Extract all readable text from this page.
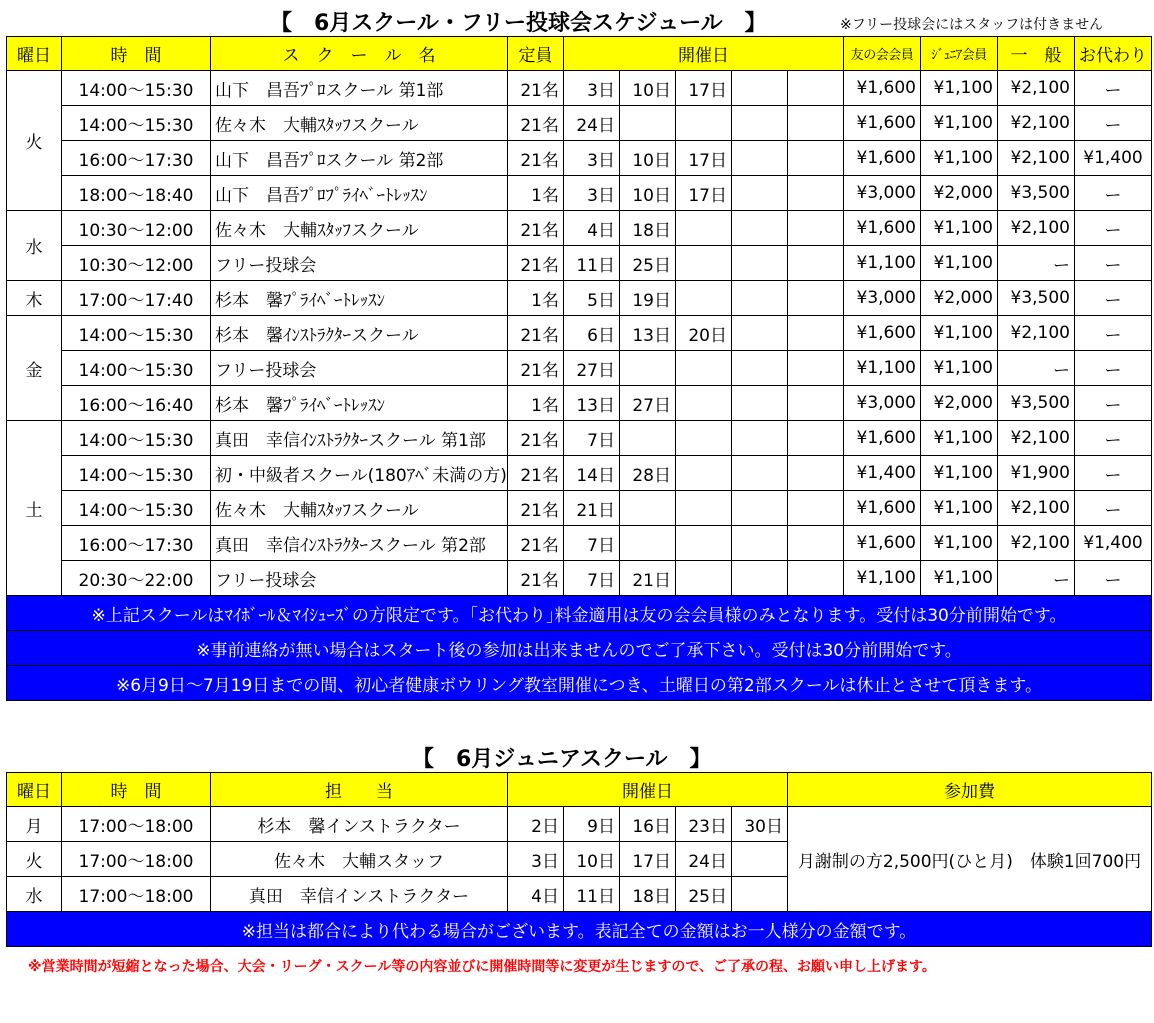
【　6月スクール・フリー投球会スケジュール　】	※フリー投球会にはスタッフは付きません
曜日	時　間	ス　ク　ー　ル　名	定員	開催日					友の会会員	ｼﾞｭﾆｱ会員	一　般	お代わり
火	14:00～15:30	山下　昌吾ﾌﾟﾛスクール 第1部	21名	3日	10日	17日			¥1,600	¥1,100	¥2,100	ー
	14:00～15:30	佐々木　大輔ｽﾀｯﾌスクール	21名	24日					¥1,600	¥1,100	¥2,100	ー
	16:00～17:30	山下　昌吾ﾌﾟﾛスクール 第2部	21名	3日	10日	17日			¥1,600	¥1,100	¥2,100	¥1,400
	18:00～18:40	山下　昌吾ﾌﾟﾛﾌﾟﾗｲﾍﾞｰﾄﾚｯｽﾝ	1名	3日	10日	17日			¥3,000	¥2,000	¥3,500	ー
水	10:30～12:00	佐々木　大輔ｽﾀｯﾌスクール	21名	4日	18日				¥1,600	¥1,100	¥2,100	ー
	10:30～12:00	フリー投球会	21名	11日	25日				¥1,100	¥1,100	ー	ー
木	17:00～17:40	杉本　馨ﾌﾟﾗｲﾍﾞｰﾄﾚｯｽﾝ	1名	5日	19日				¥3,000	¥2,000	¥3,500	ー
金	14:00～15:30	杉本　馨ｲﾝｽﾄﾗｸﾀｰスクール	21名	6日	13日	20日			¥1,600	¥1,100	¥2,100	ー
	14:00～15:30	フリー投球会	21名	27日					¥1,100	¥1,100	ー	ー
	16:00～16:40	杉本　馨ﾌﾟﾗｲﾍﾞｰﾄﾚｯｽﾝ	1名	13日	27日				¥3,000	¥2,000	¥3,500	ー
土	14:00～15:30	真田　幸信ｲﾝｽﾄﾗｸﾀｰスクール 第1部	21名	7日					¥1,600	¥1,100	¥2,100	ー
	14:00～15:30	初・中級者スクール(180ｱﾍﾞ未満の方)	21名	14日	28日				¥1,400	¥1,100	¥1,900	ー
	14:00～15:30	佐々木　大輔ｽﾀｯﾌスクール	21名	21日					¥1,600	¥1,100	¥2,100	ー
	16:00～17:30	真田　幸信ｲﾝｽﾄﾗｸﾀｰスクール 第2部	21名	7日					¥1,600	¥1,100	¥2,100	¥1,400
	20:30～22:00	フリー投球会	21名	7日	21日				¥1,100	¥1,100	ー	ー
※上記スクールはﾏｲﾎﾞｰﾙ＆ﾏｲｼｭｰｽﾞの方限定です。｢お代わり｣料金適用は友の会会員様のみとなります。受付は30分前開始です。												
※事前連絡が無い場合はスタート後の参加は出来ませんのでご了承下さい。受付は30分前開始です。												
※6月9日～7月19日までの間、初心者健康ボウリング教室開催につき、土曜日の第2部スクールは休止とさせて頂きます。												
【　6月ジュニアスクール　】
曜日	時　間	担　　当	開催日					参加費
月	17:00～18:00	杉本　馨インストラクター	2日	9日	16日	23日	30日	月謝制の方2,500円(ひと月)　体験1回700円
火	17:00～18:00	佐々木　大輔スタッフ	3日	10日	17日	24日		
水	17:00～18:00	真田　幸信インストラクター	4日	11日	18日	25日		
※担当は都合により代わる場合がございます。表記全ての金額はお一人様分の金額です。								
※営業時間が短縮となった場合、大会・リーグ・スクール等の内容並びに開催時間等に変更が生じますので、ご了承の程、お願い申し上げます。
